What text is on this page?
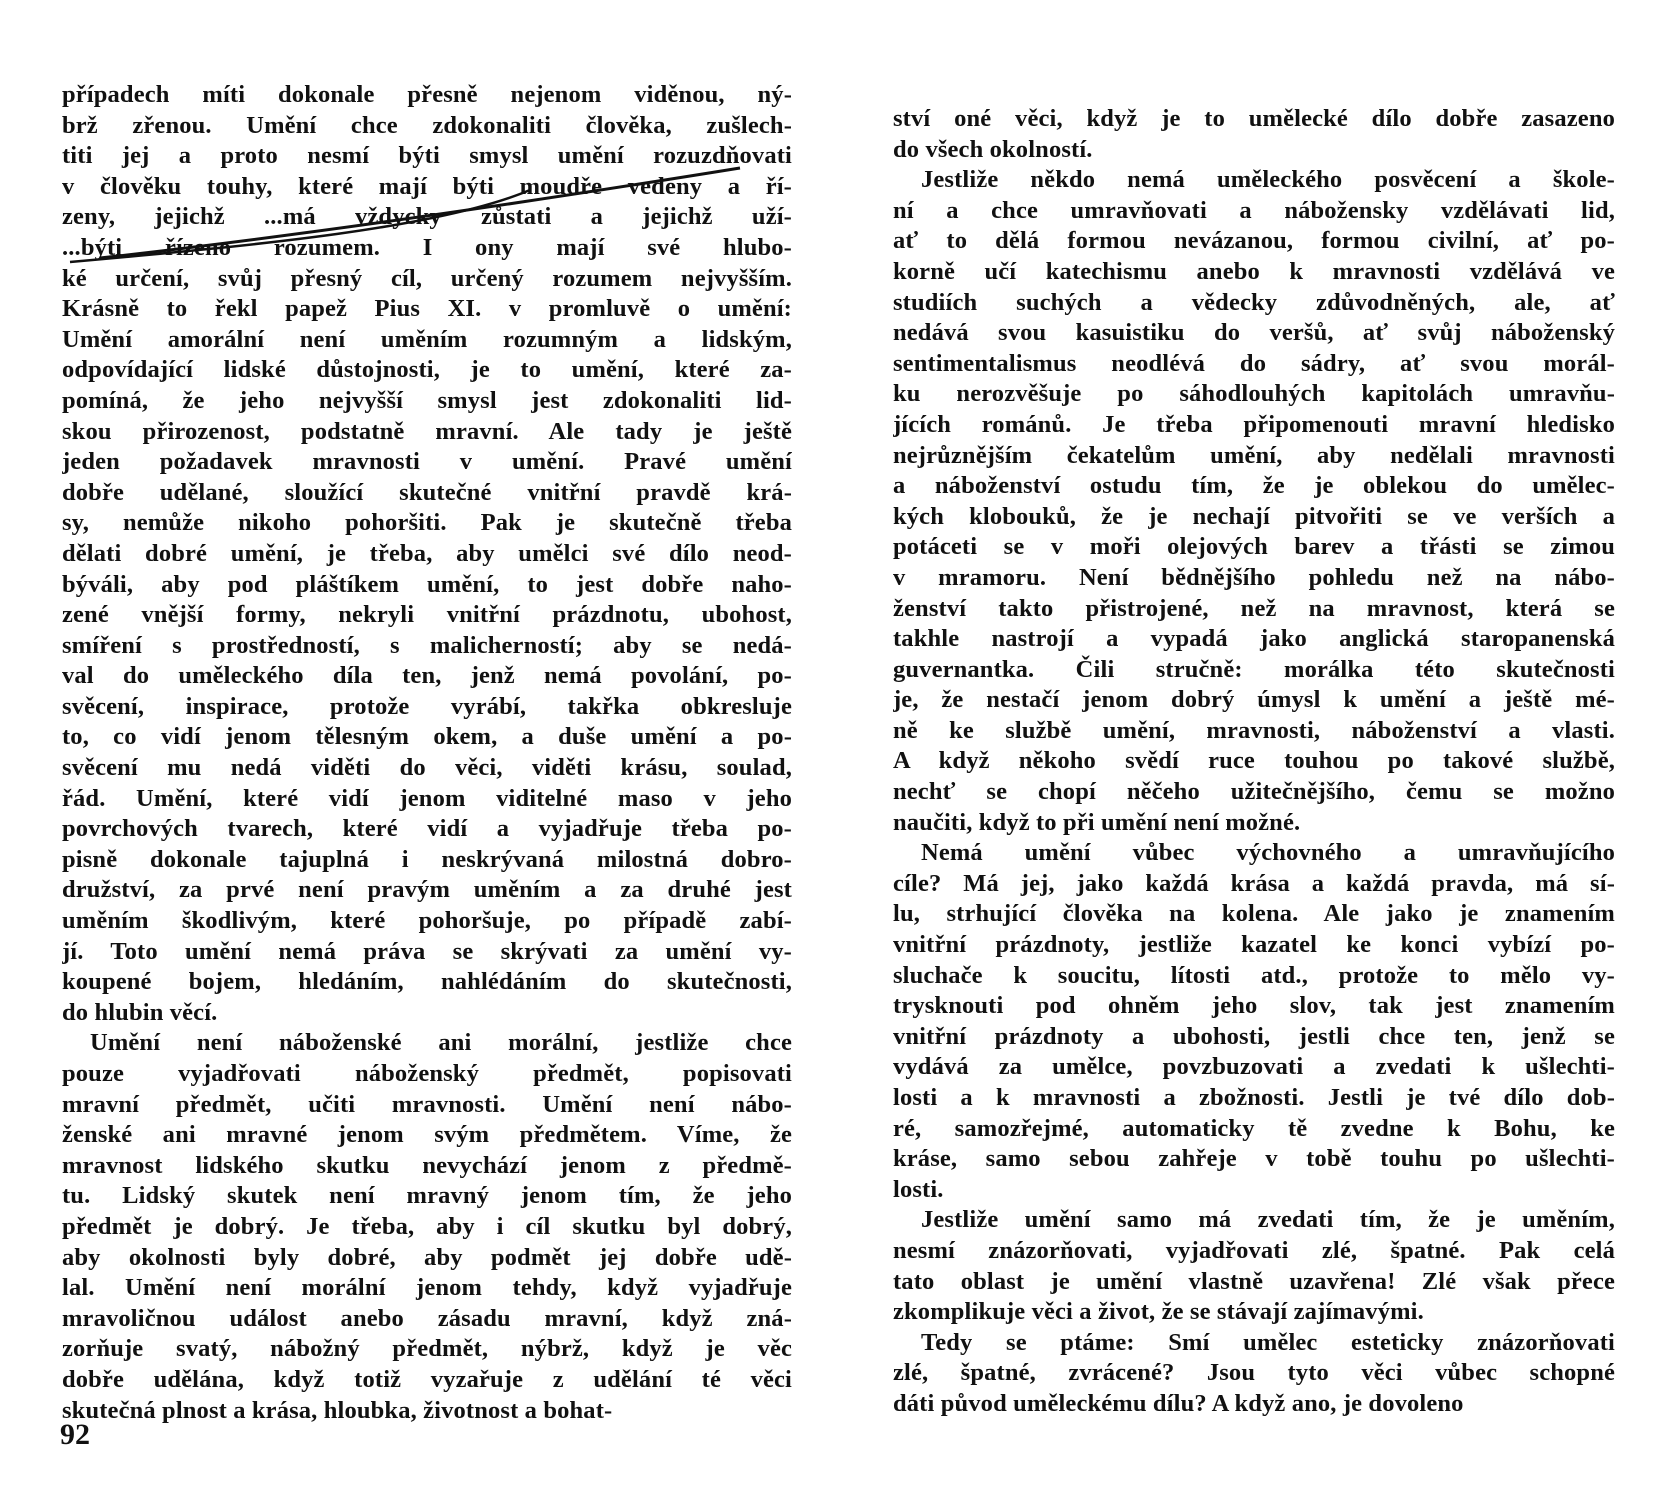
případech míti dokonale přesně nejenom viděnou, ný-
brž zřenou. Umění chce zdokonaliti člověka, zušlech-
titi jej a proto nesmí býti smysl umění rozuzdňovati
v člověku touhy, které mají býti moudře vedeny a ří-
zeny, jejichž ...má vždycky zůstati a jejichž uží-
...býti řízeno rozumem. I ony mají své hlubo-
ké určení, svůj přesný cíl, určený rozumem nejvyšším.
Krásně to řekl papež Pius XI. v promluvě o umění:
Umění amorální není uměním rozumným a lidským,
odpovídající lidské důstojnosti, je to umění, které za-
pomíná, že jeho nejvyšší smysl jest zdokonaliti lid-
skou přirozenost, podstatně mravní. Ale tady je ještě
jeden požadavek mravnosti v umění. Pravé umění
dobře udělané, sloužící skutečné vnitřní pravdě krá-
sy, nemůže nikoho pohoršiti. Pak je skutečně třeba
dělati dobré umění, je třeba, aby umělci své dílo neod-
býváli, aby pod pláštíkem umění, to jest dobře naho-
zené vnější formy, nekryli vnitřní prázdnotu, ubohost,
smíření s prostředností, s malicherností; aby se nedá-
val do uměleckého díla ten, jenž nemá povolání, po-
svěcení, inspirace, protože vyrábí, takřka obkresluje
to, co vidí jenom tělesným okem, a duše umění a po-
svěcení mu nedá viděti do věci, viděti krásu, soulad,
řád. Umění, které vidí jenom viditelné maso v jeho
povrchových tvarech, které vidí a vyjadřuje třeba po-
pisně dokonale tajuplná i neskrývaná milostná dobro-
družství, za prvé není pravým uměním a za druhé jest
uměním škodlivým, které pohoršuje, po případě zabí-
jí. Toto umění nemá práva se skrývati za umění vy-
koupené bojem, hledáním, nahlédáním do skutečnosti,
do hlubin věcí.
Umění není náboženské ani morální, jestliže chce
pouze vyjadřovati náboženský předmět, popisovati
mravní předmět, učiti mravnosti. Umění není nábo-
ženské ani mravné jenom svým předmětem. Víme, že
mravnost lidského skutku nevychází jenom z předmě-
tu. Lidský skutek není mravný jenom tím, že jeho
předmět je dobrý. Je třeba, aby i cíl skutku byl dobrý,
aby okolnosti byly dobré, aby podmět jej dobře udě-
lal. Umění není morální jenom tehdy, když vyjadřuje
mravoličnou událost anebo zásadu mravní, když zná-
zorňuje svatý, nábožný předmět, nýbrž, když je věc
dobře udělána, když totiž vyzařuje z udělání té věci
skutečná plnost a krása, hloubka, životnost a bohat-
ství oné věci, když je to umělecké dílo dobře zasazeno
do všech okolností.
Jestliže někdo nemá uměleckého posvěcení a škole-
ní a chce umravňovati a nábožensky vzdělávati lid,
ať to dělá formou nevázanou, formou civilní, ať po-
korně učí katechismu anebo k mravnosti vzdělává ve
studiích suchých a vědecky zdůvodněných, ale, ať
nedává svou kasuistiku do veršů, ať svůj náboženský
sentimentalismus neodlévá do sádry, ať svou morál-
ku nerozvěšuje po sáhodlouhých kapitolách umravňu-
jících románů. Je třeba připomenouti mravní hledisko
nejrůznějším čekatelům umění, aby nedělali mravnosti
a náboženství ostudu tím, že je oblekou do umělec-
kých klobouků, že je nechají pitvořiti se ve verších a
potáceti se v moři olejových barev a třásti se zimou
v mramoru. Není bědnějšího pohledu než na nábo-
ženství takto přistrojené, než na mravnost, která se
takhle nastrojí a vypadá jako anglická staropanenská
guvernantka. Čili stručně: morálka této skutečnosti
je, že nestačí jenom dobrý úmysl k umění a ještě mé-
ně ke službě umění, mravnosti, náboženství a vlasti.
A když někoho svědí ruce touhou po takové službě,
nechť se chopí něčeho užitečnějšího, čemu se možno
naučiti, když to při umění není možné.
Nemá umění vůbec výchovného a umravňujícího
cíle? Má jej, jako každá krása a každá pravda, má sí-
lu, strhující člověka na kolena. Ale jako je znamením
vnitřní prázdnoty, jestliže kazatel ke konci vybízí po-
sluchače k soucitu, lítosti atd., protože to mělo vy-
trysknouti pod ohněm jeho slov, tak jest znamením
vnitřní prázdnoty a ubohosti, jestli chce ten, jenž se
vydává za umělce, povzbuzovati a zvedati k ušlechti-
losti a k mravnosti a zbožnosti. Jestli je tvé dílo dob-
ré, samozřejmé, automaticky tě zvedne k Bohu, ke
kráse, samo sebou zahřeje v tobě touhu po ušlechti-
losti.
Jestliže umění samo má zvedati tím, že je uměním,
nesmí znázorňovati, vyjadřovati zlé, špatné. Pak celá
tato oblast je umění vlastně uzavřena! Zlé však přece
zkomplikuje věci a život, že se stávají zajímavými.
Tedy se ptáme: Smí umělec esteticky znázorňovati
zlé, špatné, zvrácené? Jsou tyto věci vůbec schopné
dáti původ uměleckému dílu? A když ano, je dovoleno
92
